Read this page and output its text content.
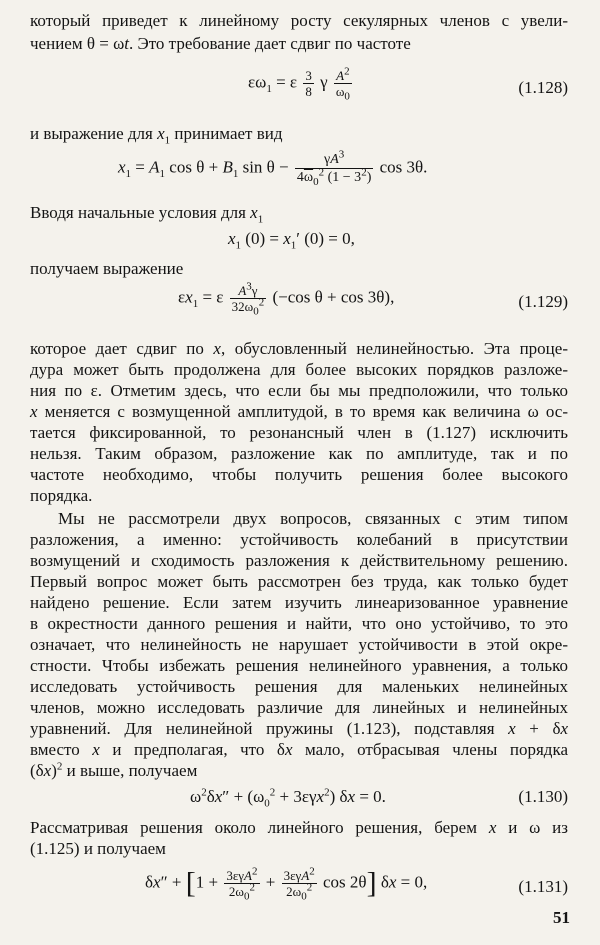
который приведет к линейному росту секулярных членов с увели-
чением θ = ωt. Это требование дает сдвиг по частоте
$\varepsilon\omega_1 = \varepsilon \frac{3}{8}$ γ $\frac{A^2}{\overline{\omega}_0}$	(1.128)
и выражение для $x_1$ принимает вид
$x_1 = A_1$ $\cos \theta + B_1$ $\sin \theta - \frac{\gamma A^3}{4\overline{\omega}_0^2 (1 - 3^2)}$ cos 3θ.
Вводя начальные условия для $x_1$
$x_1$ $(0) = x_1'$ (0) = 0,
получаем выражение
$\varepsilon x_1 = \varepsilon \frac{A^3\gamma}{32\overline{\omega}_0^2} (-\cos$ θ + cos 3θ),	(1.129)
которое дает сдвиг по x, обусловленный нелинейностью. Эта проце-
дура может быть продолжена для более высоких порядков разложе-
ния по ε. Отметим здесь, что если бы мы предположили, что только
x меняется с возмущенной амплитудой, в то время как величина ω ос-
тается фиксированной, то резонансный член в (1.127) исключить
нельзя. Таким образом, разложение как по амплитуде, так и по
частоте необходимо, чтобы получить решения более высокого
порядка.
Мы не рассмотрели двух вопросов, связанных с этим типом
разложения, а именно: устойчивость колебаний в присутствии
возмущений и сходимость разложения к действительному решению.
Первый вопрос может быть рассмотрен без труда, как только будет
найдено решение. Если затем изучить линеаризованное уравнение
в окрестности данного решения и найти, что оно устойчиво, то это
означает, что нелинейность не нарушает устойчивости в этой окре-
стности. Чтобы избежать решения нелинейного уравнения, а только
исследовать устойчивость решения для маленьких нелинейных
членов, можно исследовать различие для линейных и нелинейных
уравнений. Для нелинейной пружины (1.123), подставляя x + δx
вместо x и предполагая, что δx мало, отбрасывая члены порядка
$(\delta x)^2$ и выше, получаем
$\omega^2\delta x'' + (\omega_0^2 + 3\varepsilon\gamma x^2) \delta x = 0$.	(1.130)
Рассматривая решения около линейного решения, берем x и ω из
(1.125) и получаем
$\delta x'' + [1 + \frac{3\varepsilon\gamma A^2}{2\omega_0^2} + \frac{3\varepsilon\gamma A^2}{2\omega_0^2}$ cos 2θ] δx = 0,	(1.131)
51
